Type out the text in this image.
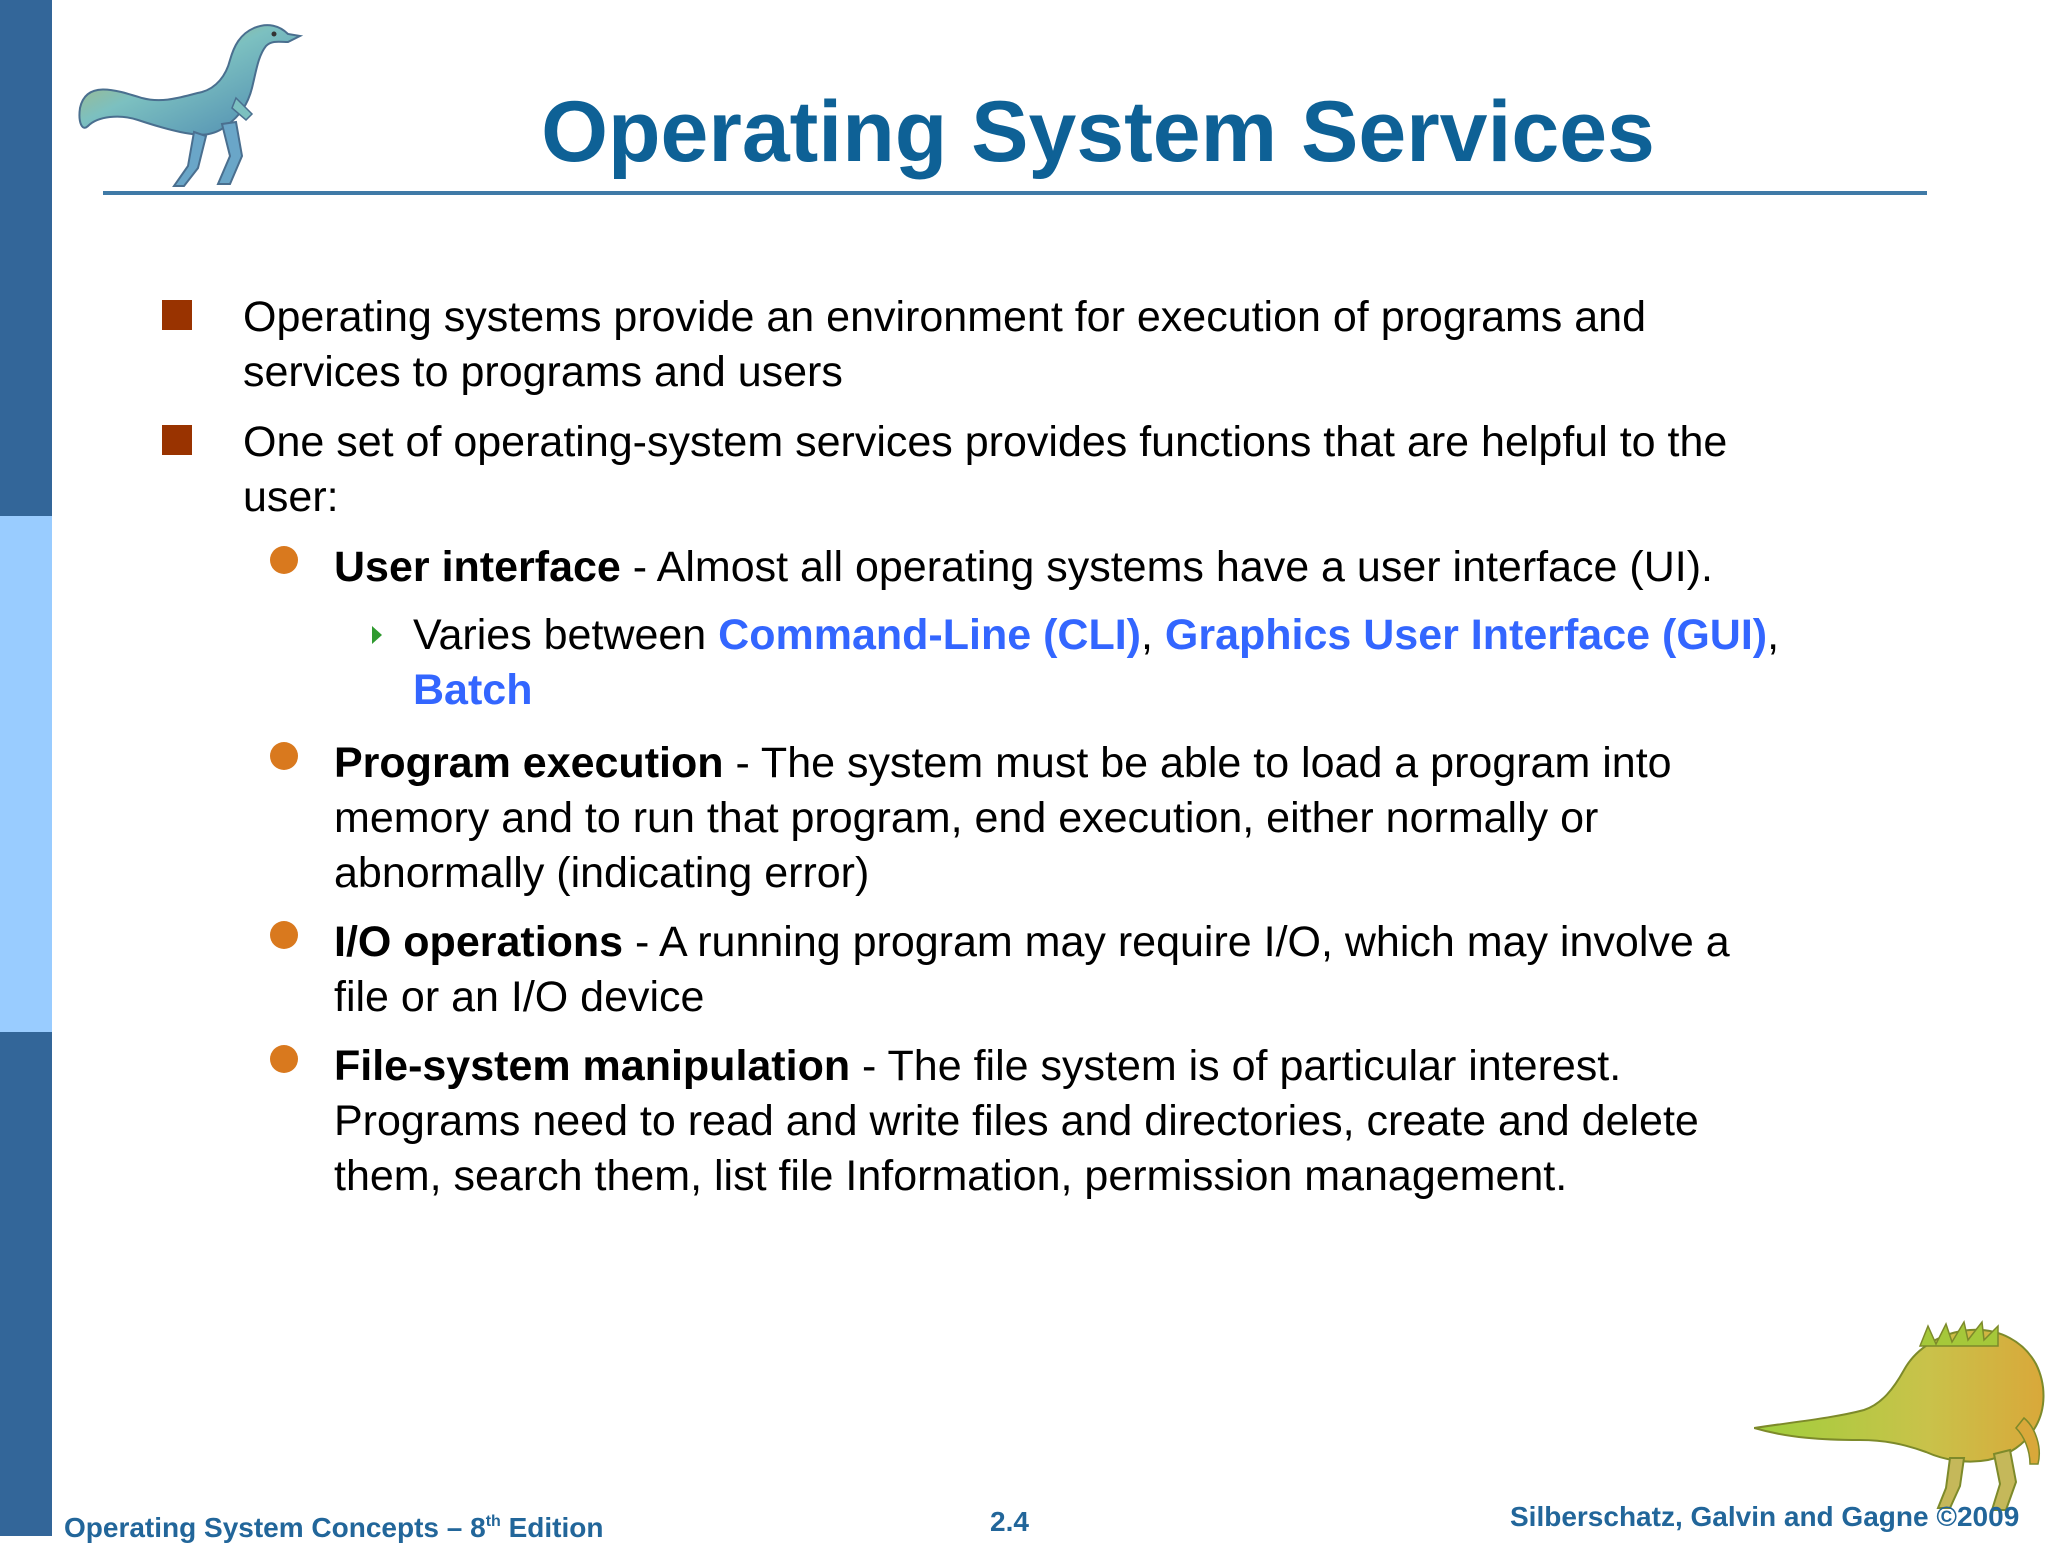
Operating System Services
Operating systems provide an environment for execution of programs and
services to programs and users
One set of operating-system services provides functions that are helpful to the
user:
User interface - Almost all operating systems have a user interface (UI).
Varies between Command-Line (CLI), Graphics User Interface (GUI),
Batch
Program execution - The system must be able to load a program into
memory and to run that program, end execution, either normally or
abnormally (indicating error)
I/O operations - A running program may require I/O, which may involve a
file or an I/O device
File-system manipulation - The file system is of particular interest.
Programs need to read and write files and directories, create and delete
them, search them, list file Information, permission management.
Operating System Concepts – 8th Edition	2.4	Silberschatz, Galvin and Gagne ©2009
